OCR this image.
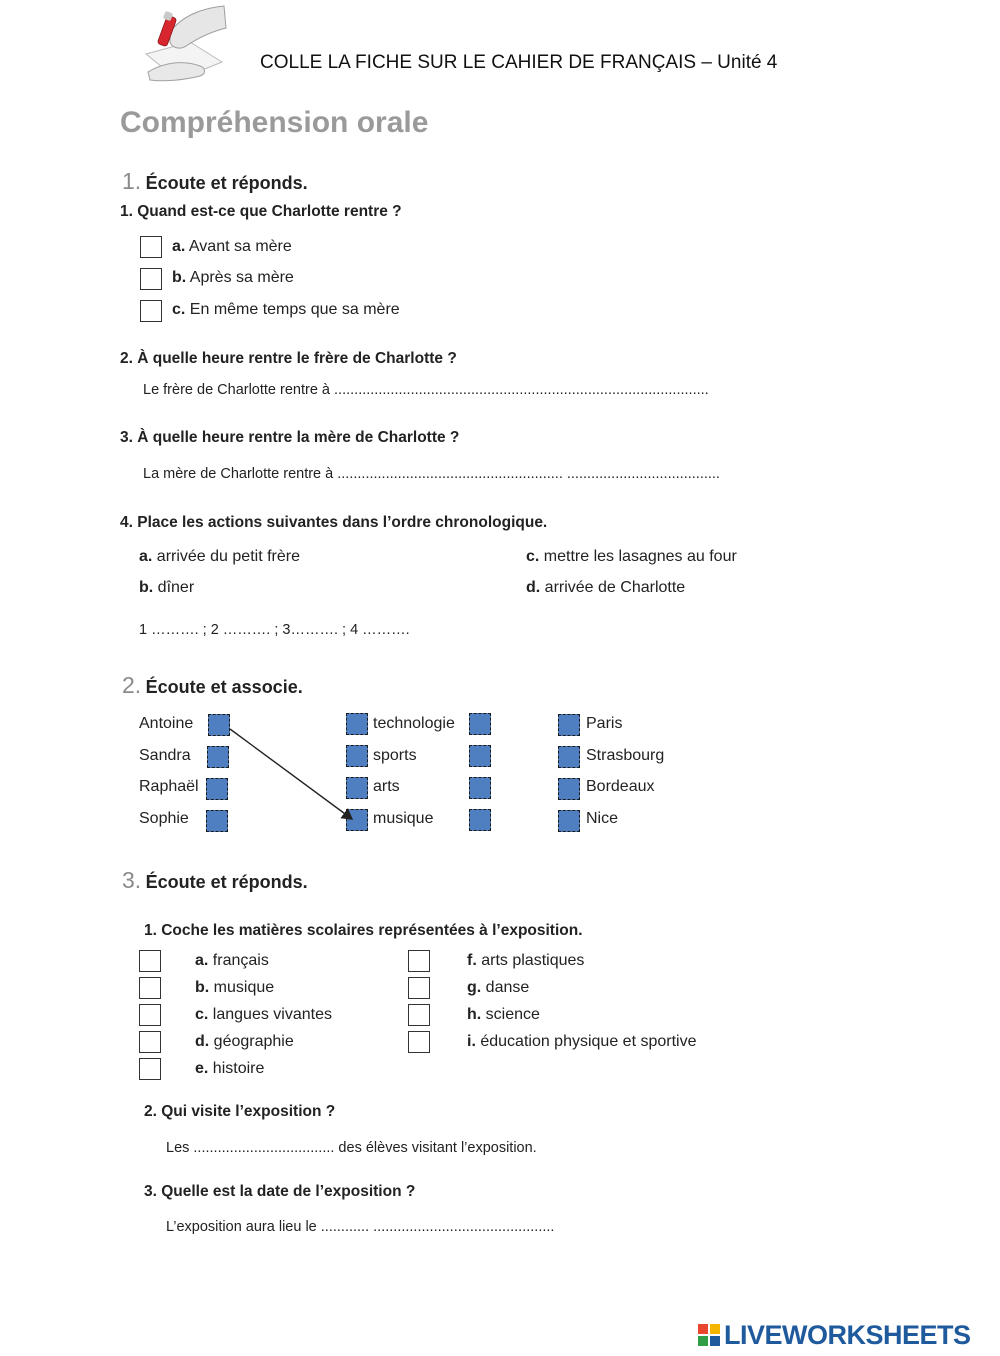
COLLE LA FICHE SUR LE CAHIER DE FRANÇAIS – Unité 4
Compréhension orale
1. Écoute et réponds.
1. Quand est-ce que Charlotte rentre ?
a. Avant sa mère
b. Après sa mère
c. En même temps que sa mère
2. À quelle heure rentre le frère de Charlotte ?
Le frère de Charlotte rentre à .............................................................................................
3. À quelle heure rentre la mère de Charlotte ?
La mère de Charlotte rentre à ........................................................ ......................................
4. Place les actions suivantes dans l’ordre chronologique.
a. arrivée du petit frère
b. dîner
c. mettre les lasagnes au four
d. arrivée de Charlotte
1 ………. ; 2 ………. ; 3………. ; 4 ……….
2. Écoute et associe.
Antoine
Sandra
Raphaël
Sophie
technologie
sports
arts
musique
Paris
Strasbourg
Bordeaux
Nice
3. Écoute et réponds.
1. Coche les matières scolaires représentées à l’exposition.
a. français
b. musique
c. langues vivantes
d. géographie
e. histoire
f. arts plastiques
g. danse
h. science
i. éducation physique et sportive
2. Qui visite l’exposition ?
Les ................................... des élèves visitant l’exposition.
3. Quelle est la date de l’exposition ?
L’exposition aura lieu le ............ .............................................
LIVEWORKSHEETS
